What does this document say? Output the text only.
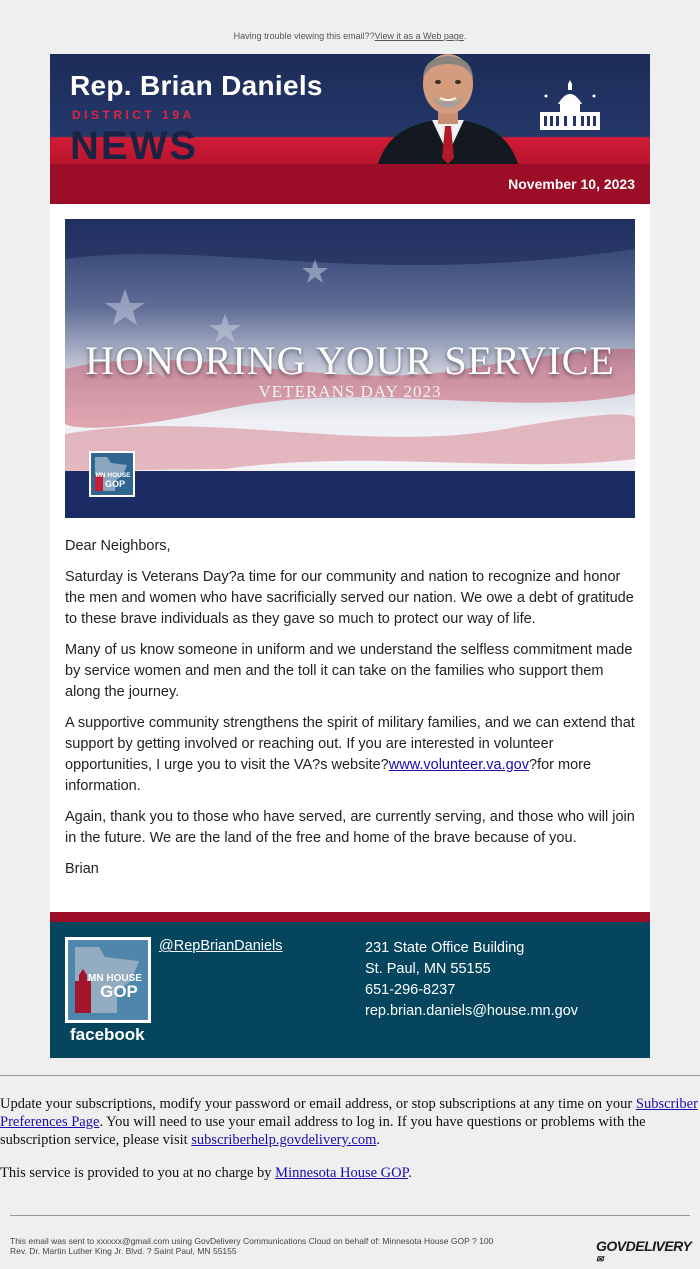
Having trouble viewing this email??View it as a Web page.
Rep. Brian Daniels
DISTRICT 19A
NEWS
November 10, 2023
HONORING YOUR SERVICE
VETERANS DAY 2023
MN HOUSE
GOP

Dear Neighbors,

Saturday is Veterans Day?a time for our community and nation to recognize and honor the men and women who have sacrificially served our nation. We owe a debt of gratitude to these brave individuals as they gave so much to protect our way of life.

Many of us know someone in uniform and we understand the selfless commitment made by service women and men and the toll it can take on the families who support them along the journey.

A supportive community strengthens the spirit of military families, and we can extend that support by getting involved or reaching out. If you are interested in volunteer opportunities, I urge you to visit the VA?s website?www.volunteer.va.gov?for more information.

Again, thank you to those who have served, are currently serving, and those who will join in the future. We are the land of the free and home of the brave because of you.

Brian

MN HOUSE
GOP
facebook
@RepBrianDaniels	231 State Office Building
St. Paul, MN 55155
651-296-8237
rep.brian.daniels@house.mn.gov
Update your subscriptions, modify your password or email address, or stop subscriptions at any time on your Subscriber Preferences Page. You will need to use your email address to log in. If you have questions or problems with the subscription service, please visit subscriberhelp.govdelivery.com.
This service is provided to you at no charge by Minnesota House GOP.
This email was sent to xxxxxx@gmail.com using GovDelivery Communications Cloud on behalf of: Minnesota House GOP ? 100
Rev. Dr. Martin Luther King Jr. Blvd. ? Saint Paul, MN 55155	GOVDELIVERY✉
